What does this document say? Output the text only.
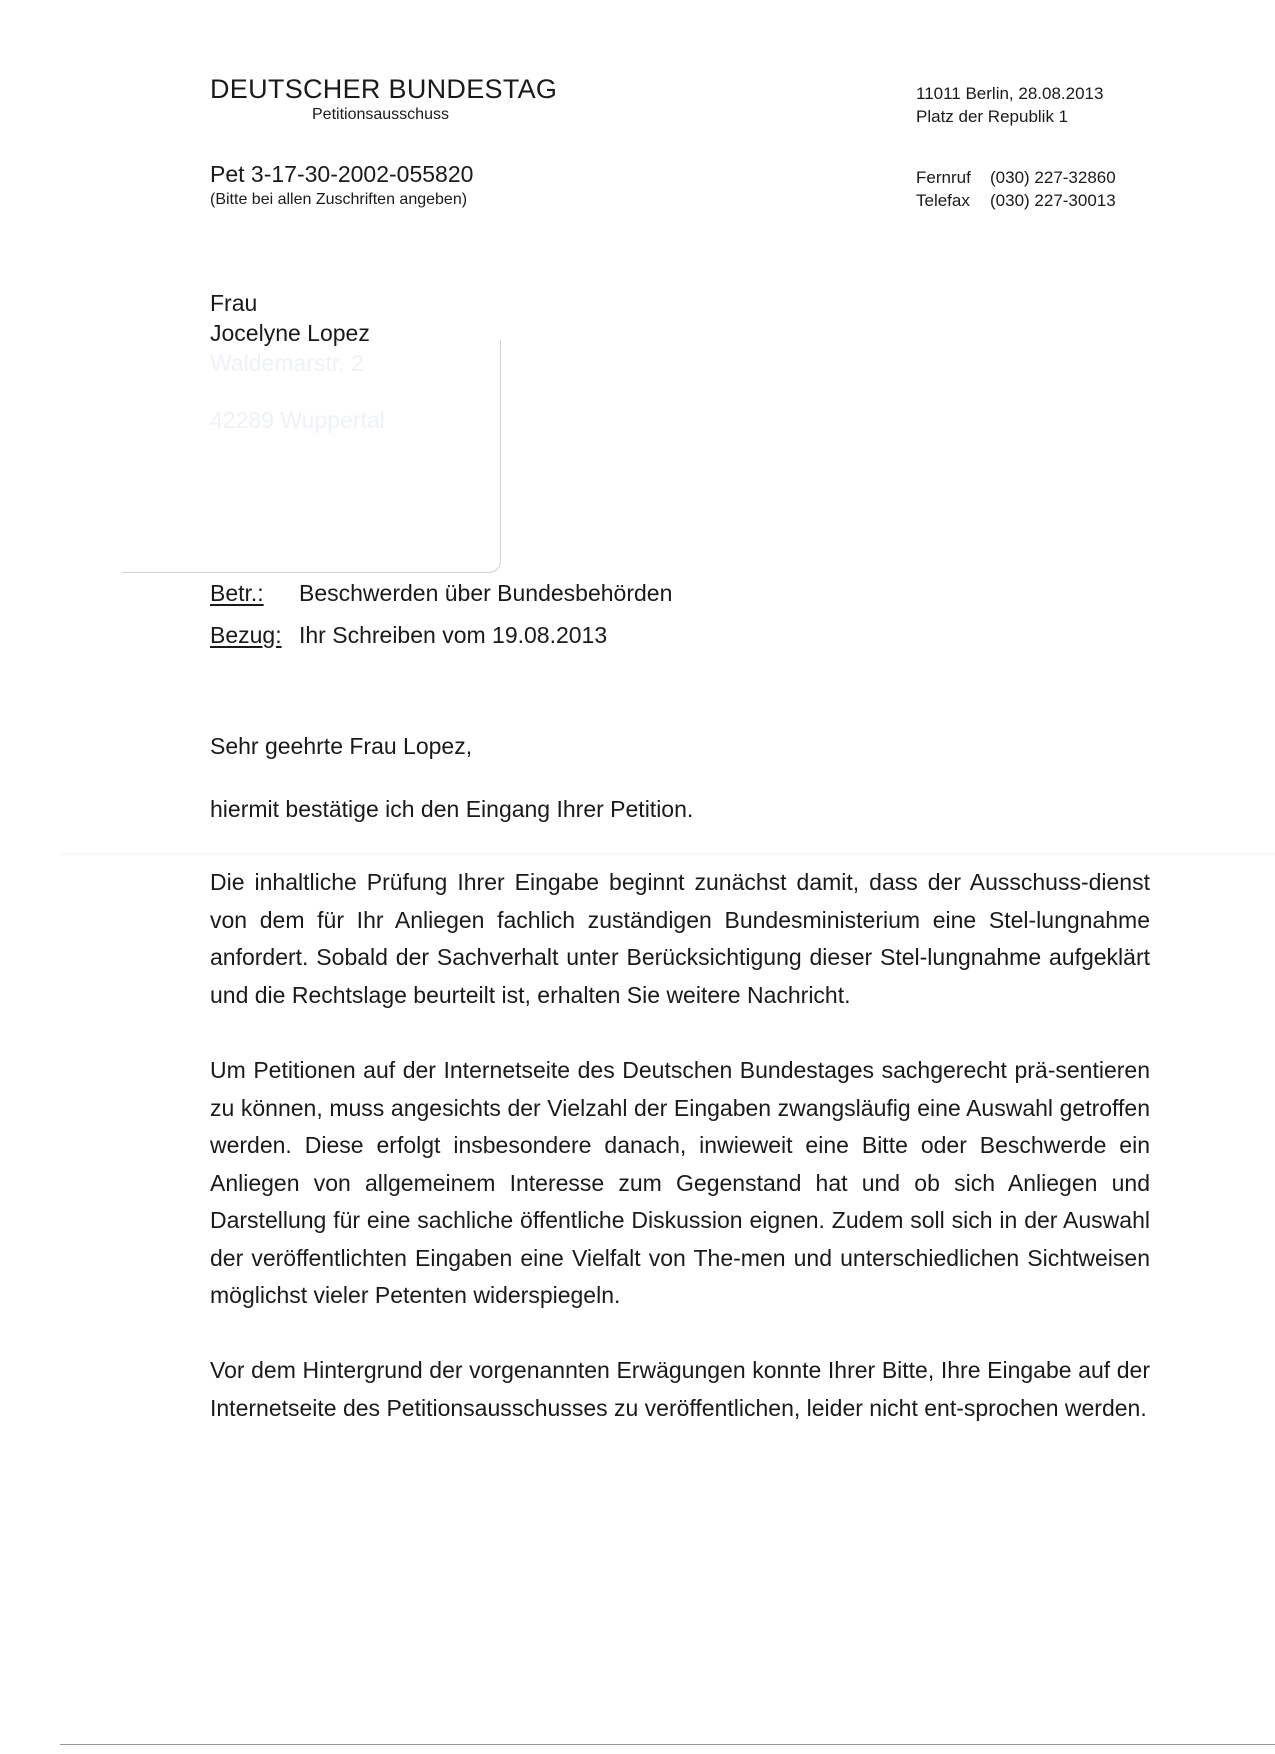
DEUTSCHER BUNDESTAG
Petitionsausschuss
Pet 3-17-30-2002-055820
(Bitte bei allen Zuschriften angeben)
11011 Berlin, 28.08.2013
Platz der Republik 1
Fernruf (030) 227-32860
Telefax (030) 227-30013
Frau
Jocelyne Lopez
Waldemarstr. 2
42289 Wuppertal
Betr.: Beschwerden über Bundesbehörden
Bezug: Ihr Schreiben vom 19.08.2013
Sehr geehrte Frau Lopez,
hiermit bestätige ich den Eingang Ihrer Petition.

Die inhaltliche Prüfung Ihrer Eingabe beginnt zunächst damit, dass der Ausschuss-dienst von dem für Ihr Anliegen fachlich zuständigen Bundesministerium eine Stel-lungnahme anfordert. Sobald der Sachverhalt unter Berücksichtigung dieser Stel-lungnahme aufgeklärt und die Rechtslage beurteilt ist, erhalten Sie weitere Nachricht.

Um Petitionen auf der Internetseite des Deutschen Bundestages sachgerecht prä-sentieren zu können, muss angesichts der Vielzahl der Eingaben zwangsläufig eine Auswahl getroffen werden. Diese erfolgt insbesondere danach, inwieweit eine Bitte oder Beschwerde ein Anliegen von allgemeinem Interesse zum Gegenstand hat und ob sich Anliegen und Darstellung für eine sachliche öffentliche Diskussion eignen. Zudem soll sich in der Auswahl der veröffentlichten Eingaben eine Vielfalt von The-men und unterschiedlichen Sichtweisen möglichst vieler Petenten widerspiegeln.

Vor dem Hintergrund der vorgenannten Erwägungen konnte Ihrer Bitte, Ihre Eingabe auf der Internetseite des Petitionsausschusses zu veröffentlichen, leider nicht ent-sprochen werden.
